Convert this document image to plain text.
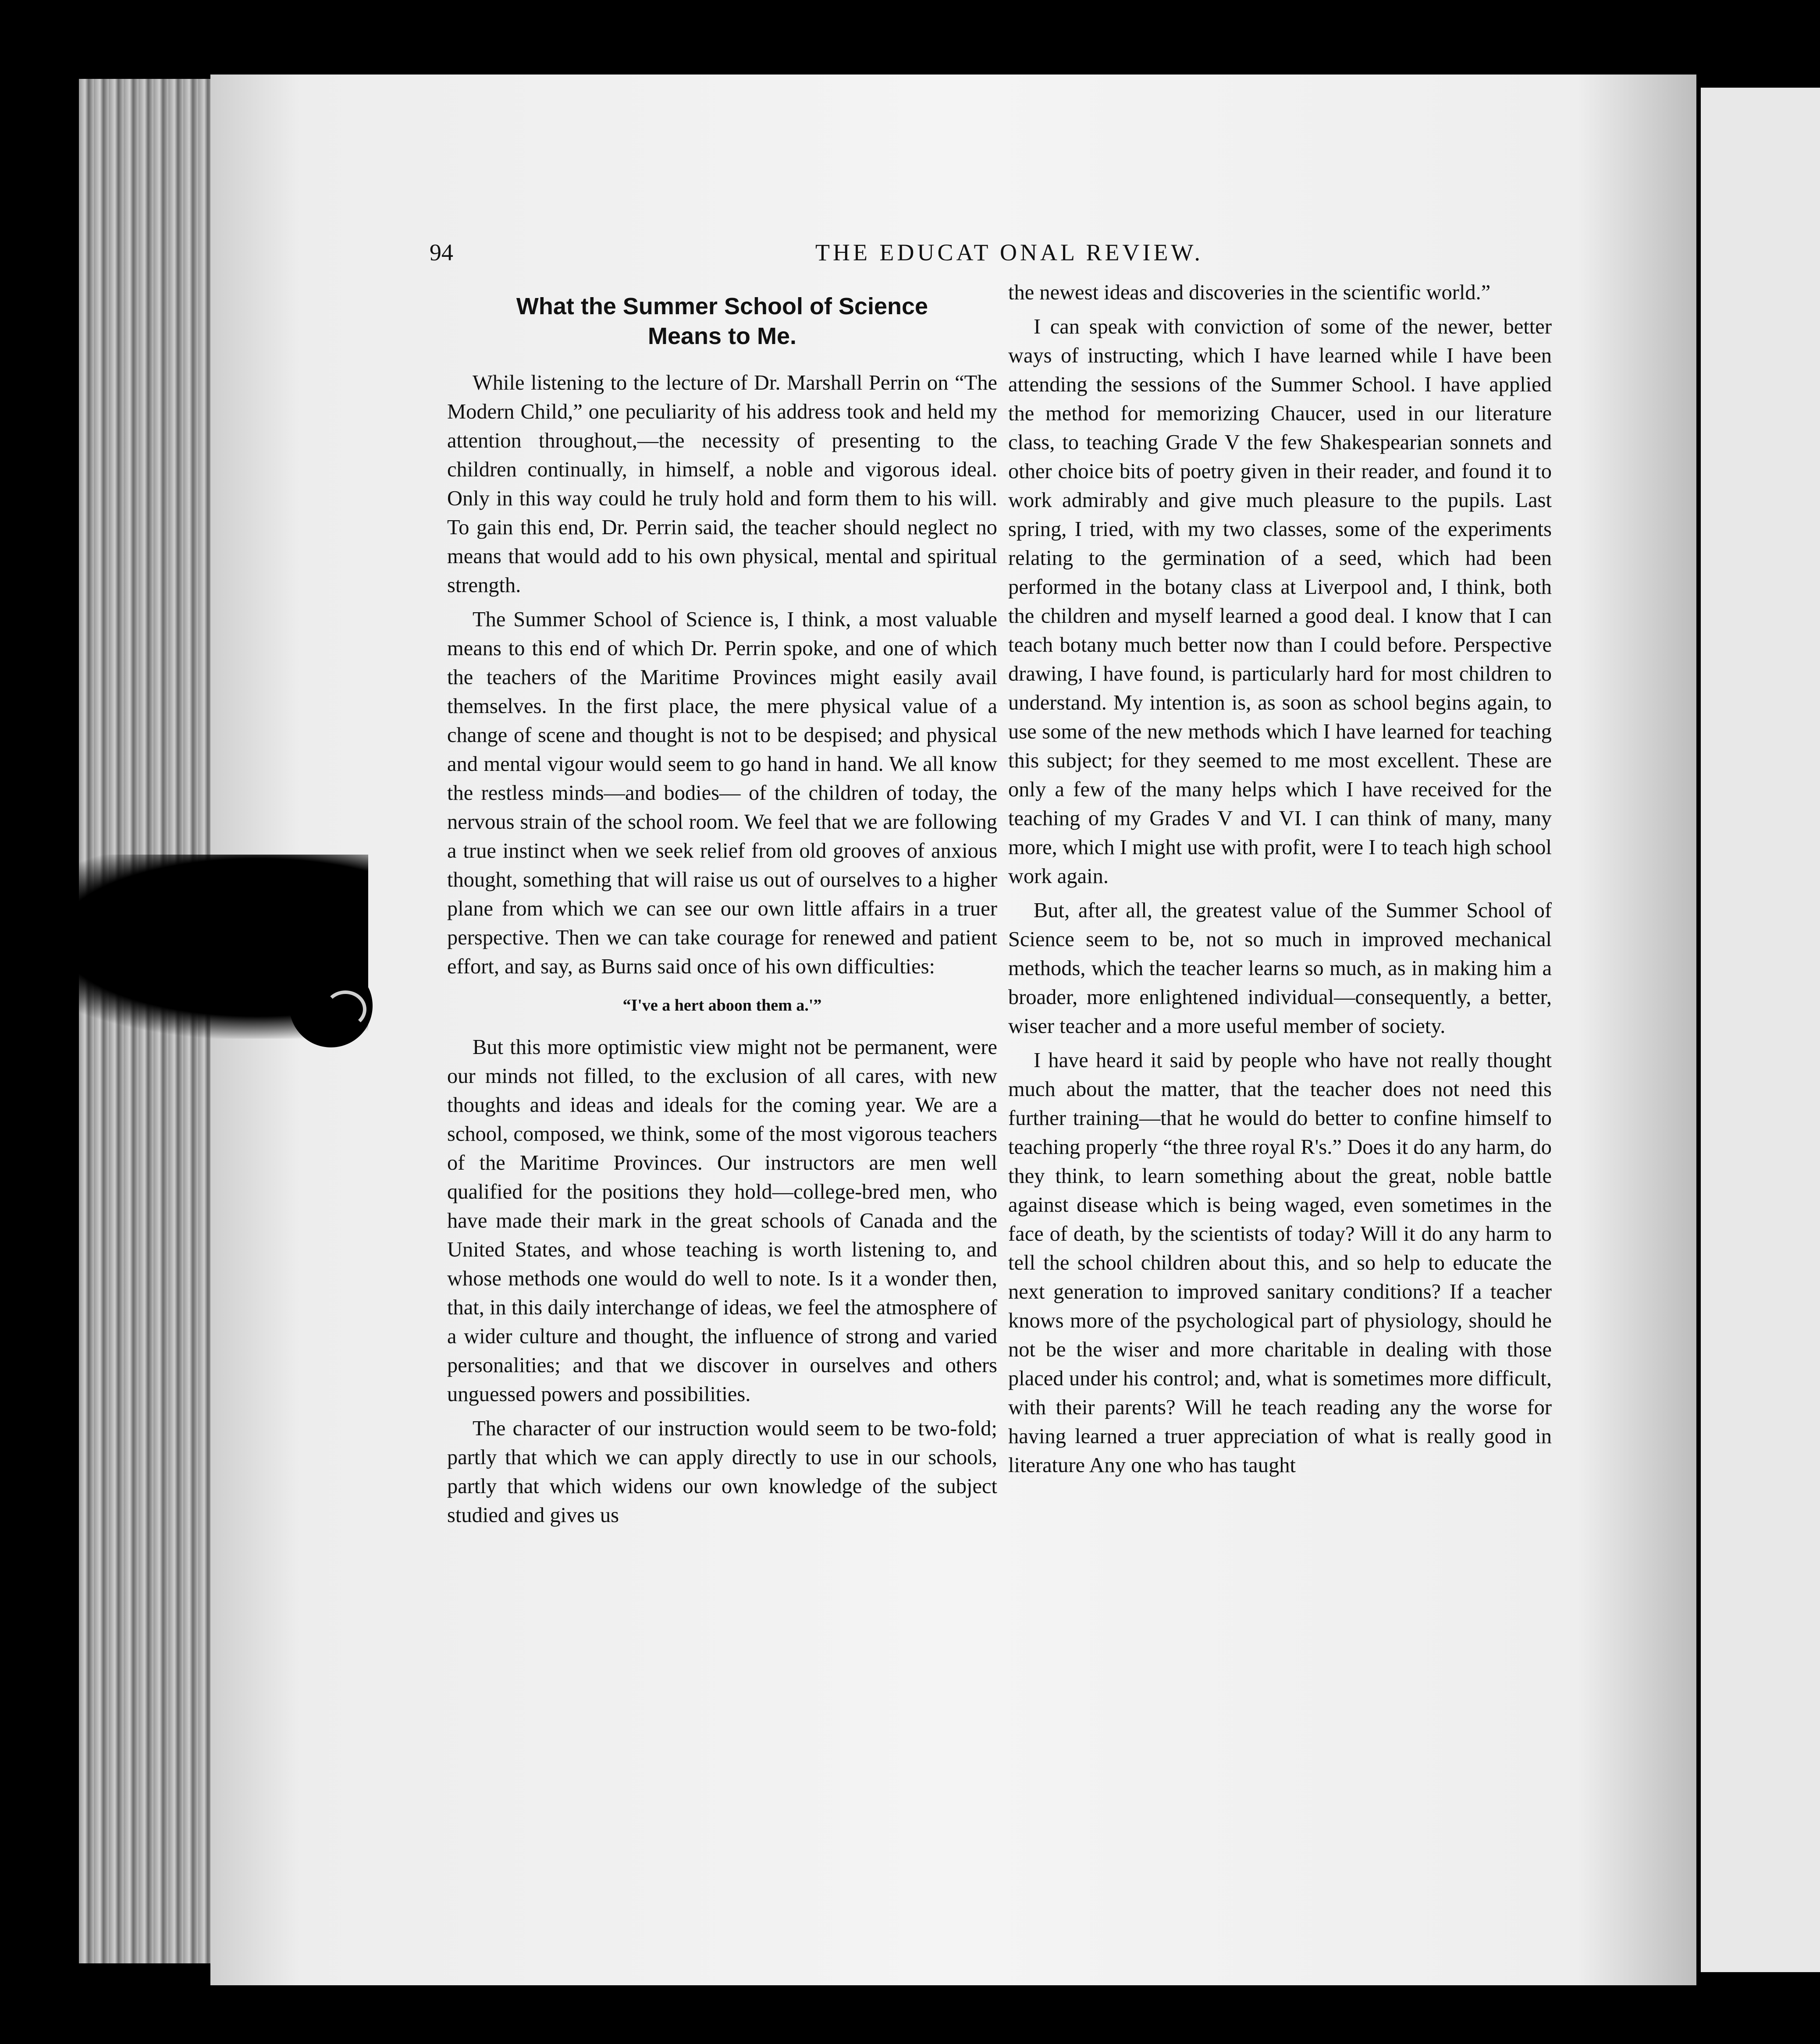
94	THE EDUCAT ONAL REVIEW.
What the Summer School of Science
Means to Me.

While listening to the lecture of Dr. Marshall Perrin on “The Modern Child,” one peculiarity of his address took and held my attention throughout,—the necessity of presenting to the children continually, in himself, a noble and vigorous ideal. Only in this way could he truly hold and form them to his will. To gain this end, Dr. Perrin said, the teacher should neglect no means that would add to his own physical, mental and spiritual strength.

The Summer School of Science is, I think, a most valuable means to this end of which Dr. Perrin spoke, and one of which the teachers of the Maritime Provinces might easily avail themselves. In the first place, the mere physical value of a change of scene and thought is not to be despised; and physical and mental vigour would seem to go hand in hand. We all know the restless minds—and bodies— of the children of today, the nervous strain of the school room. We feel that we are following a true instinct when we seek relief from old grooves of anxious thought, something that will raise us out of ourselves to a higher plane from which we can see our own little affairs in a truer perspective. Then we can take courage for renewed and patient effort, and say, as Burns said once of his own difficulties:

“I've a hert aboon them a.'”

But this more optimistic view might not be permanent, were our minds not filled, to the exclusion of all cares, with new thoughts and ideas and ideals for the coming year. We are a school, composed, we think, some of the most vigorous teachers of the Maritime Provinces. Our instructors are men well qualified for the positions they hold—college-bred men, who have made their mark in the great schools of Canada and the United States, and whose teaching is worth listening to, and whose methods one would do well to note. Is it a wonder then, that, in this daily interchange of ideas, we feel the atmosphere of a wider culture and thought, the influence of strong and varied personalities; and that we discover in ourselves and others unguessed powers and possibilities.

The character of our instruction would seem to be two-fold; partly that which we can apply directly to use in our schools, partly that which widens our own knowledge of the subject studied and gives us

the newest ideas and discoveries in the scientific world.”

I can speak with conviction of some of the newer, better ways of instructing, which I have learned while I have been attending the sessions of the Summer School. I have applied the method for memorizing Chaucer, used in our literature class, to teaching Grade V the few Shakespearian sonnets and other choice bits of poetry given in their reader, and found it to work admirably and give much pleasure to the pupils. Last spring, I tried, with my two classes, some of the experiments relating to the germination of a seed, which had been performed in the botany class at Liverpool and, I think, both the children and myself learned a good deal. I know that I can teach botany much better now than I could before. Perspective drawing, I have found, is particularly hard for most children to understand. My intention is, as soon as school begins again, to use some of the new methods which I have learned for teaching this subject; for they seemed to me most excellent. These are only a few of the many helps which I have received for the teaching of my Grades V and VI. I can think of many, many more, which I might use with profit, were I to teach high school work again.

But, after all, the greatest value of the Summer School of Science seem to be, not so much in improved mechanical methods, which the teacher learns so much, as in making him a broader, more enlightened individual—consequently, a better, wiser teacher and a more useful member of society.

I have heard it said by people who have not really thought much about the matter, that the teacher does not need this further training—that he would do better to confine himself to teaching properly “the three royal R's.” Does it do any harm, do they think, to learn something about the great, noble battle against disease which is being waged, even sometimes in the face of death, by the scientists of today? Will it do any harm to tell the school children about this, and so help to educate the next generation to improved sanitary conditions? If a teacher knows more of the psychological part of physiology, should he not be the wiser and more charitable in dealing with those placed under his control; and, what is sometimes more difficult, with their parents? Will he teach reading any the worse for having learned a truer appreciation of what is really good in literature Any one who has taught
